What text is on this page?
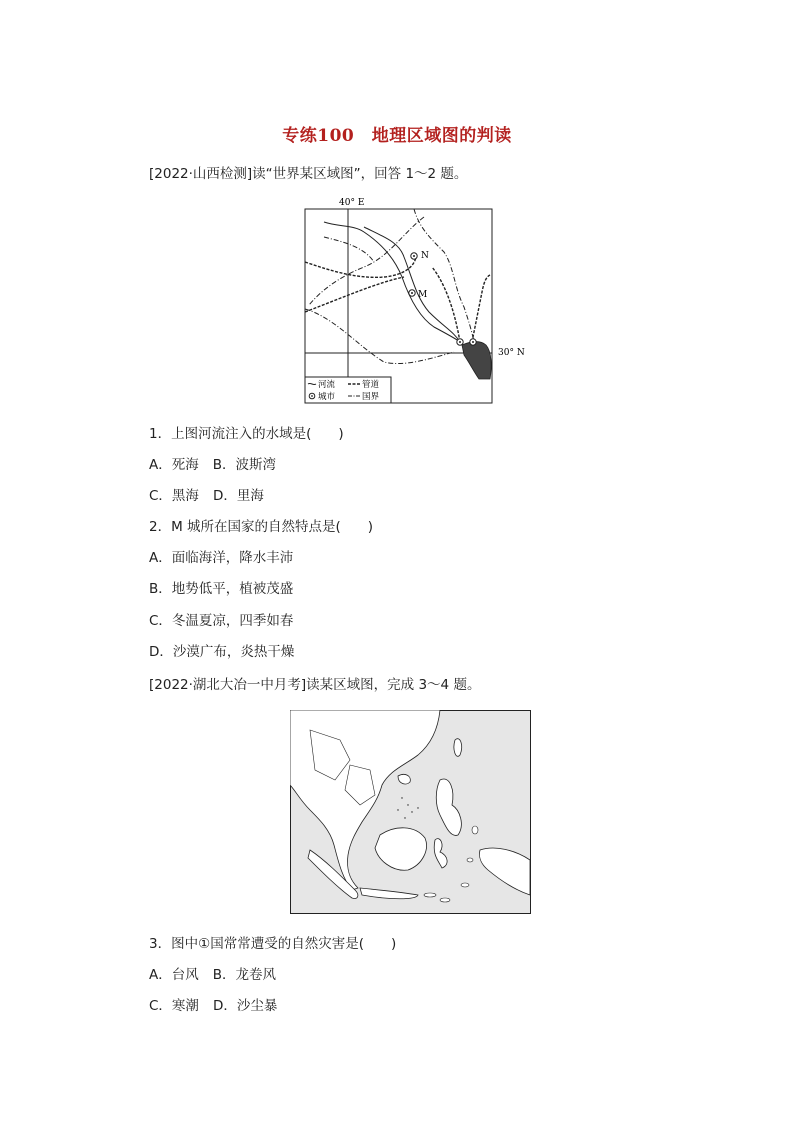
专练100　地理区域图的判读
[2022·山西检测]读“世界某区域图”，回答 1～2 题。
40° E
30° N
N
M
河流	管道
城市	国界
1．上图河流注入的水域是(　　)
A．死海 B．波斯湾
C．黑海 D．里海
2．M 城所在国家的自然特点是(　　)
A．面临海洋，降水丰沛
B．地势低平，植被茂盛
C．冬温夏凉，四季如春
D．沙漠广布，炎热干燥
[2022·湖北大冶一中月考]读某区域图，完成 3～4 题。
3．图中①国常常遭受的自然灾害是(　　)
A．台风 B．龙卷风
C．寒潮 D．沙尘暴
